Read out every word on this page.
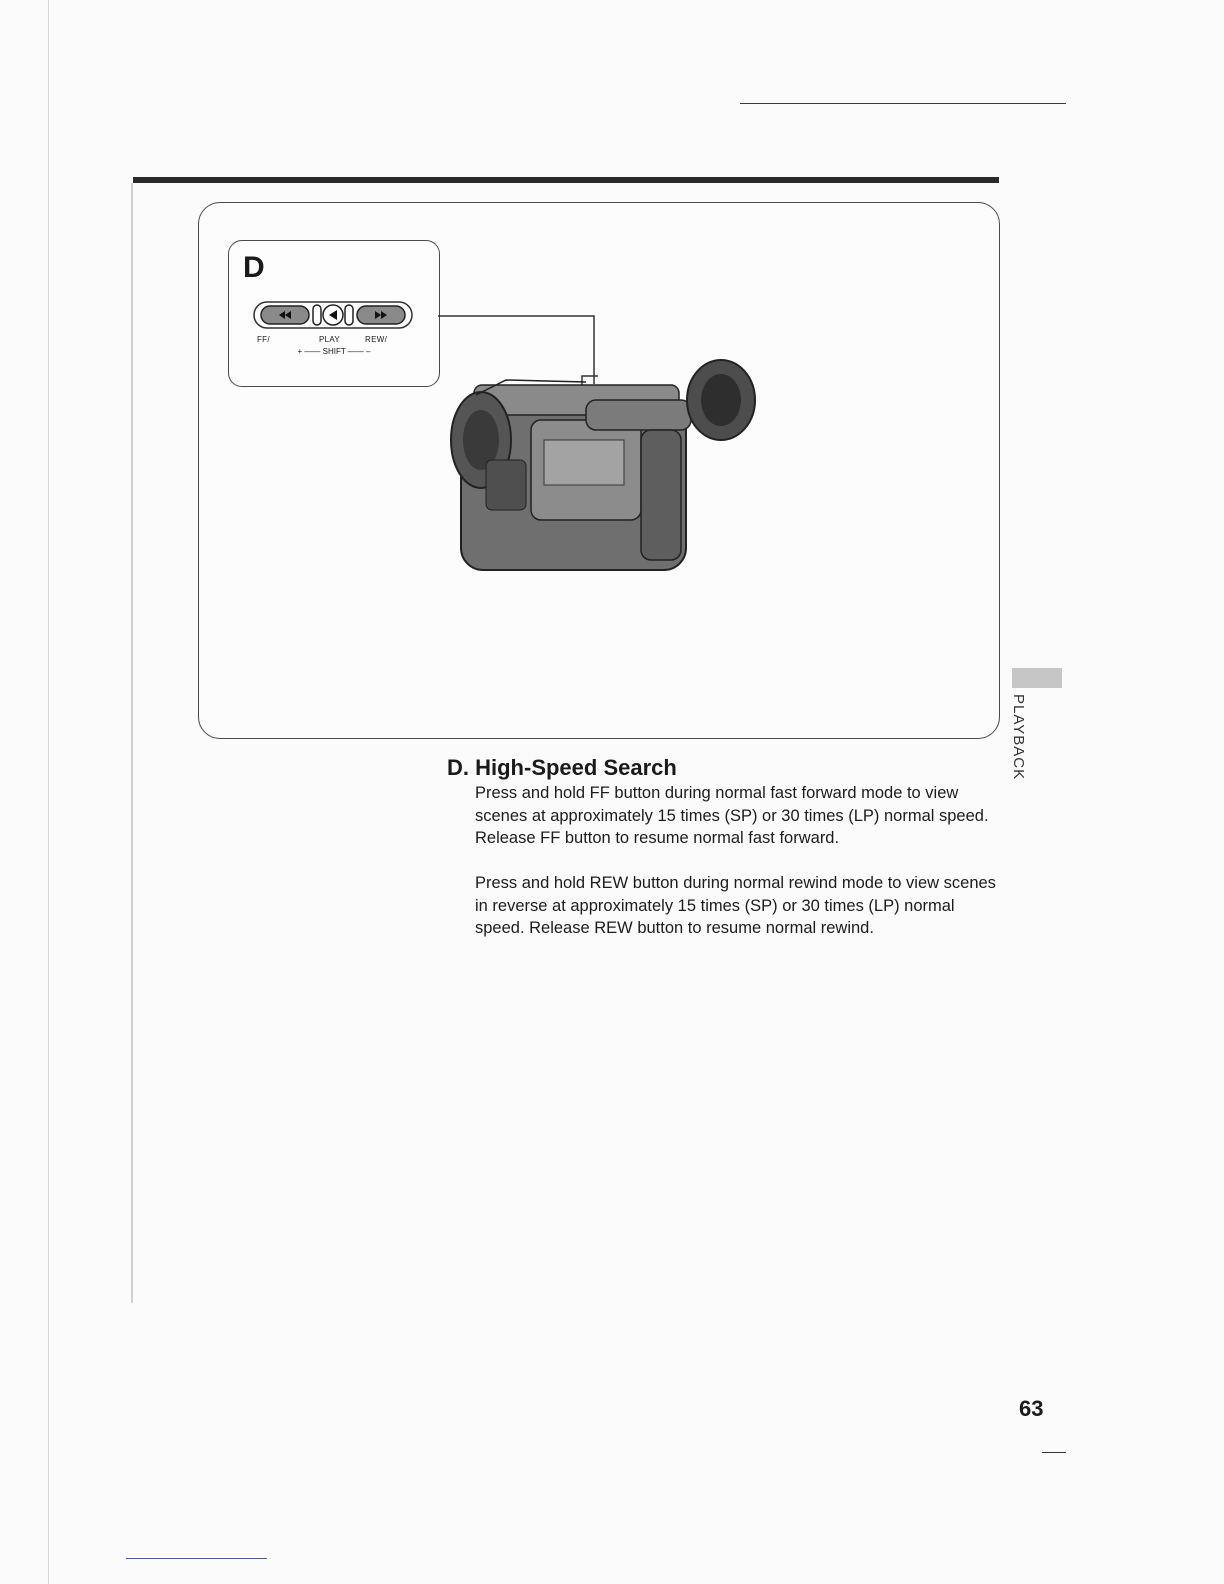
D
FF/	PLAY	REW/
+ —— SHIFT —— –
PLAYBACK
D. High-Speed Search

Press and hold FF button during normal fast forward mode to view scenes at approximately 15 times (SP) or 30 times (LP) normal speed. Release FF button to resume normal fast forward.

Press and hold REW button during normal rewind mode to view scenes in reverse at approximately 15 times (SP) or 30 times (LP) normal speed. Release REW button to resume normal rewind.

63
